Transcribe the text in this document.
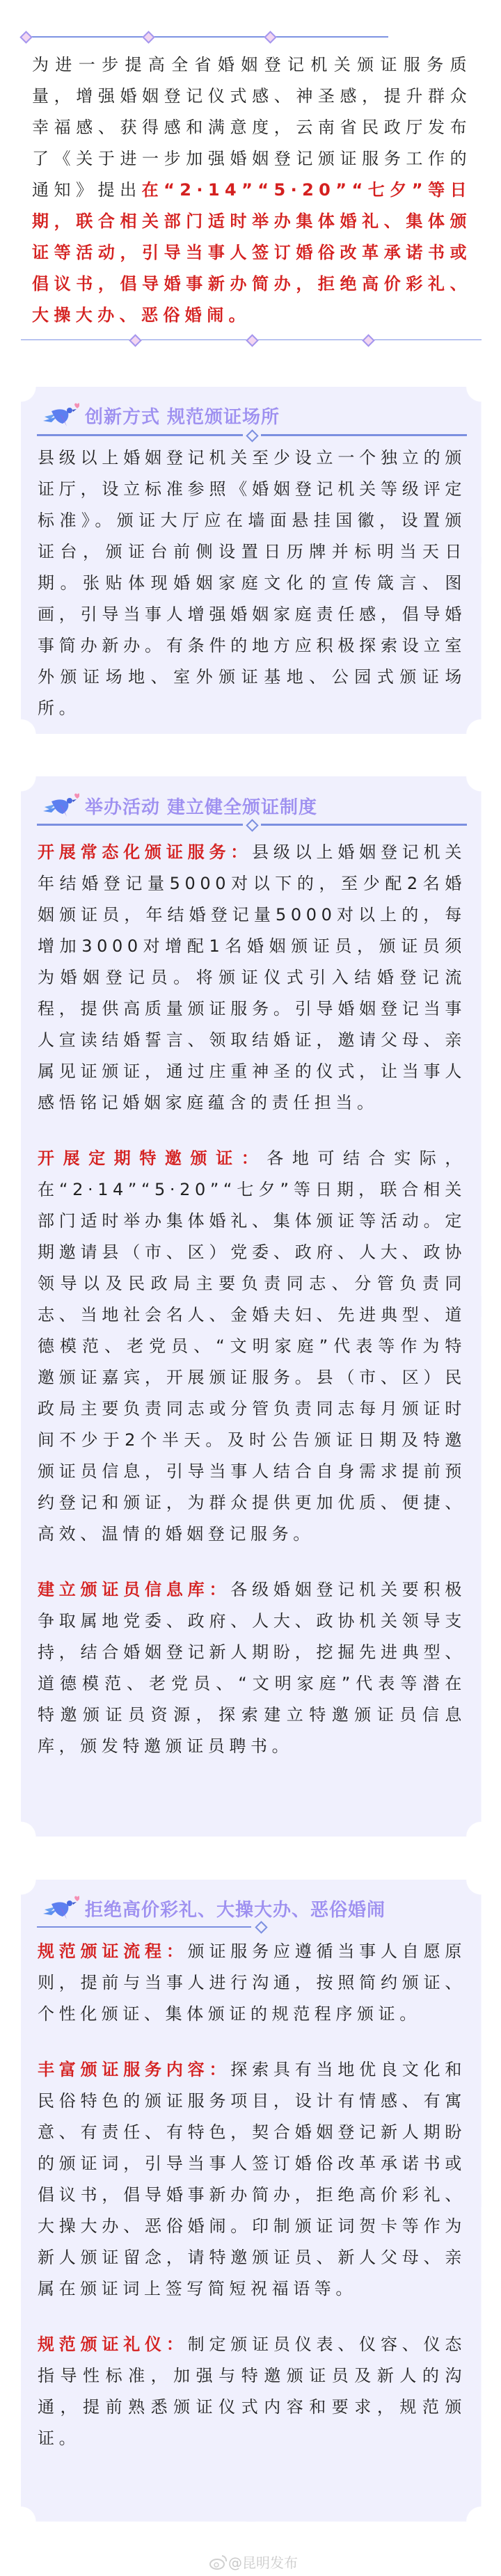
为进一步提高全省婚姻登记机关颁证服务质量，增强婚姻登记仪式感、神圣感，提升群众幸福感、获得感和满意度，云南省民政厅发布了《关于进一步加强婚姻登记颁证服务工作的通知》提出在“2·14”“5·20”“七夕”等日期，联合相关部门适时举办集体婚礼、集体颁证等活动，引导当事人签订婚俗改革承诺书或倡议书，倡导婚事新办简办，拒绝高价彩礼、大操大办、恶俗婚闹。
创新方式 规范颁证场所

县级以上婚姻登记机关至少设立一个独立的颁证厅，设立标准参照《婚姻登记机关等级评定标准》。颁证大厅应在墙面悬挂国徽，设置颁证台，颁证台前侧设置日历牌并标明当天日期。张贴体现婚姻家庭文化的宣传箴言、图画，引导当事人增强婚姻家庭责任感，倡导婚事简办新办。有条件的地方应积极探索设立室外颁证场地、室外颁证基地、公园式颁证场所。

举办活动 建立健全颁证制度

开展常态化颁证服务：县级以上婚姻登记机关年结婚登记量5000对以下的，至少配2名婚姻颁证员，年结婚登记量5000对以上的，每增加3000对增配1名婚姻颁证员，颁证员须为婚姻登记员。将颁证仪式引入结婚登记流程，提供高质量颁证服务。引导婚姻登记当事人宣读结婚誓言、领取结婚证，邀请父母、亲属见证颁证，通过庄重神圣的仪式，让当事人感悟铭记婚姻家庭蕴含的责任担当。

开展定期特邀颁证：各地可结合实际，在“2·14”“5·20”“七夕”等日期，联合相关部门适时举办集体婚礼、集体颁证等活动。定期邀请县（市、区）党委、政府、人大、政协领导以及民政局主要负责同志、分管负责同志、当地社会名人、金婚夫妇、先进典型、道德模范、老党员、“文明家庭”代表等作为特邀颁证嘉宾，开展颁证服务。县（市、区）民政局主要负责同志或分管负责同志每月颁证时间不少于2个半天。及时公告颁证日期及特邀颁证员信息，引导当事人结合自身需求提前预约登记和颁证，为群众提供更加优质、便捷、高效、温情的婚姻登记服务。

建立颁证员信息库：各级婚姻登记机关要积极争取属地党委、政府、人大、政协机关领导支持，结合婚姻登记新人期盼，挖掘先进典型、道德模范、老党员、“文明家庭”代表等潜在特邀颁证员资源，探索建立特邀颁证员信息库，颁发特邀颁证员聘书。

拒绝高价彩礼、大操大办、恶俗婚闹

规范颁证流程：颁证服务应遵循当事人自愿原则，提前与当事人进行沟通，按照简约颁证、个性化颁证、集体颁证的规范程序颁证。

丰富颁证服务内容：探索具有当地优良文化和民俗特色的颁证服务项目，设计有情感、有寓意、有责任、有特色，契合婚姻登记新人期盼的颁证词，引导当事人签订婚俗改革承诺书或倡议书，倡导婚事新办简办，拒绝高价彩礼、大操大办、恶俗婚闹。印制颁证词贺卡等作为新人颁证留念，请特邀颁证员、新人父母、亲属在颁证词上签写简短祝福语等。

规范颁证礼仪：制定颁证员仪表、仪容、仪态指导性标准，加强与特邀颁证员及新人的沟通，提前熟悉颁证仪式内容和要求，规范颁证。

@昆明发布
